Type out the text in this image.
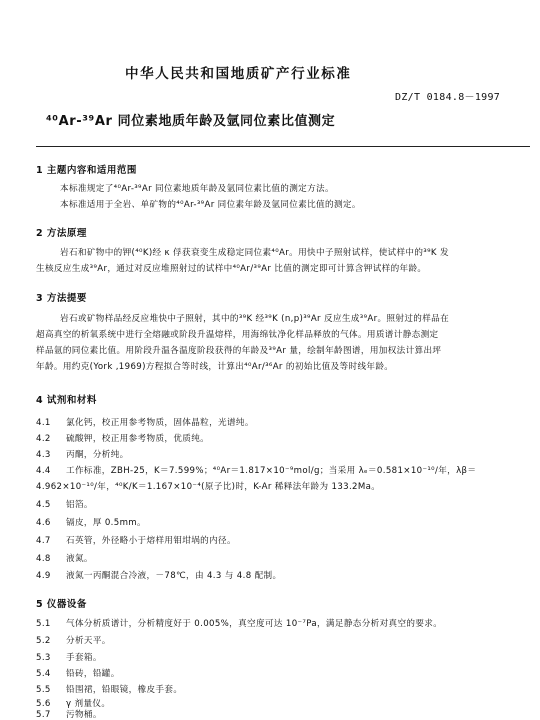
中华人民共和国地质矿产行业标准
DZ/T 0184.8－1997
⁴⁰Ar-³⁹Ar 同位素地质年龄及氩同位素比值测定
1 主题内容和适用范围
本标准规定了⁴⁰Ar-³⁹Ar 同位素地质年龄及氩同位素比值的测定方法。
本标准适用于全岩、单矿物的⁴⁰Ar-³⁹Ar 同位素年龄及氩同位素比值的测定。
2 方法原理
岩石和矿物中的钾(⁴⁰K)经 κ 俘获衰变生成稳定同位素⁴⁰Ar。用快中子照射试样，使试样中的³⁹K 发
生核反应生成³⁹Ar，通过对反应堆照射过的试样中⁴⁰Ar/³⁹Ar 比值的测定即可计算含钾试样的年龄。
3 方法提要
岩石或矿物样品经反应堆快中子照射，其中的³⁹K 经³⁹K (n,p)³⁹Ar 反应生成³⁹Ar。照射过的样品在
超高真空的析氧系统中进行全熔融或阶段升温熔样，用海绵钛净化样品释放的气体。用质谱计静态测定
样品氩的同位素比值。用阶段升温各温度阶段获得的年龄及³⁹Ar 量，绘制年龄图谱，用加权法计算出坪
年龄。用约克(York ,1969)方程拟合等时线，计算出⁴⁰Ar/³⁶Ar 的初始比值及等时线年龄。
4 试剂和材料
4.1 氯化钙，校正用参考物质，固体晶粒，光谱纯。
4.2 硫酸钾，校正用参考物质，优质纯。
4.3 丙酮，分析纯。
4.4 工作标准，ZBH-25，K＝7.599%；⁴⁰Ar＝1.817×10⁻⁹mol/g；当采用 λₑ＝0.581×10⁻¹⁰/年，λβ＝
4.962×10⁻¹⁰/年，⁴⁰K/K＝1.167×10⁻⁴(原子比)时，K-Ar 稀释法年龄为 133.2Ma。
4.5 铝箔。
4.6 镉皮，厚 0.5mm。
4.7 石英管，外径略小于熔样用钼坩埚的内径。
4.8 液氮。
4.9 液氮一丙酮混合冷液，－78℃，由 4.3 与 4.8 配制。
5 仪器设备
5.1 气体分析质谱计，分析精度好于 0.005%，真空度可达 10⁻⁷Pa，满足静态分析对真空的要求。
5.2 分析天平。
5.3 手套箱。
5.4 铅砖，铅罐。
5.5 铅围裙，铅眼镜，橡皮手套。
5.6 γ 剂量仪。
5.7 污物桶。
